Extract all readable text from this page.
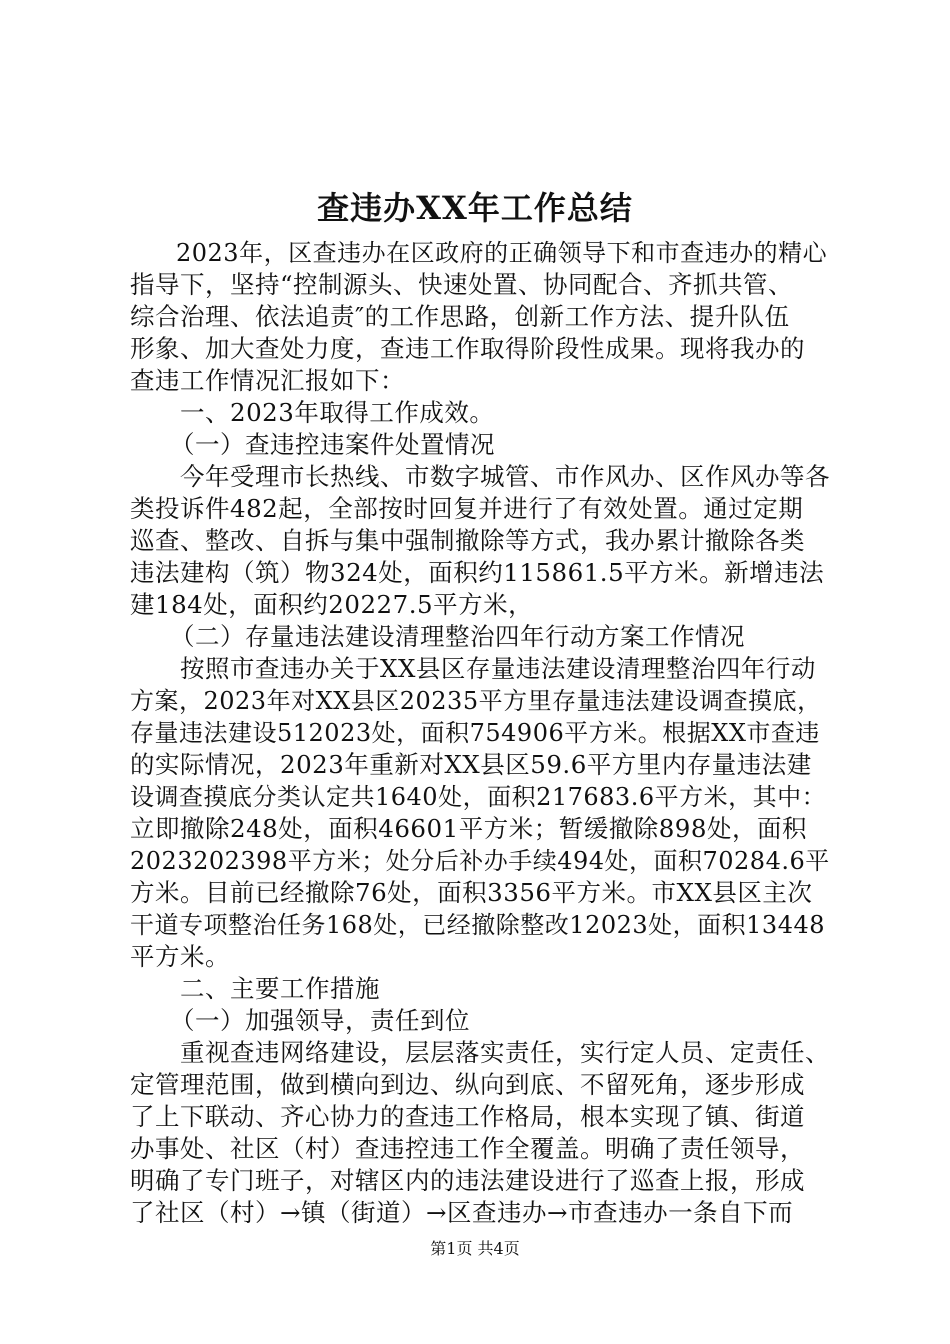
查违办XX年工作总结
2023年，区查违办在区政府的正确领导下和市查违办的精心
指导下，坚持“控制源头、快速处置、协同配合、齐抓共管、
综合治理、依法追责″的工作思路，创新工作方法、提升队伍
形象、加大查处力度，查违工作取得阶段性成果。现将我办的
查违工作情况汇报如下：
一、2023年取得工作成效。
（一）查违控违案件处置情况
今年受理市长热线、市数字城管、市作风办、区作风办等各
类投诉件482起，全部按时回复并进行了有效处置。通过定期
巡查、整改、自拆与集中强制撤除等方式，我办累计撤除各类
违法建构（筑）物324处，面积约115861.5平方米。新增违法
建184处，面积约20227.5平方米，
（二）存量违法建设清理整治四年行动方案工作情况
按照市查违办关于XX县区存量违法建设清理整治四年行动
方案，2023年对XX县区20235平方里存量违法建设调查摸底，
存量违法建设512023处，面积754906平方米。根据XX市查违
的实际情况，2023年重新对XX县区59.6平方里内存量违法建
设调查摸底分类认定共1640处，面积217683.6平方米，其中：
立即撤除248处，面积46601平方米；暂缓撤除898处，面积
2023202398平方米；处分后补办手续494处，面积70284.6平
方米。目前已经撤除76处，面积3356平方米。市XX县区主次
干道专项整治任务168处，已经撤除整改12023处，面积13448
平方米。
二、主要工作措施
（一）加强领导，责任到位
重视查违网络建设，层层落实责任，实行定人员、定责任、
定管理范围，做到横向到边、纵向到底、不留死角，逐步形成
了上下联动、齐心协力的查违工作格局，根本实现了镇、街道
办事处、社区（村）查违控违工作全覆盖。明确了责任领导，
明确了专门班子，对辖区内的违法建设进行了巡查上报，形成
了社区（村）→镇（街道）→区查违办→市查违办一条自下而
第1页 共4页
